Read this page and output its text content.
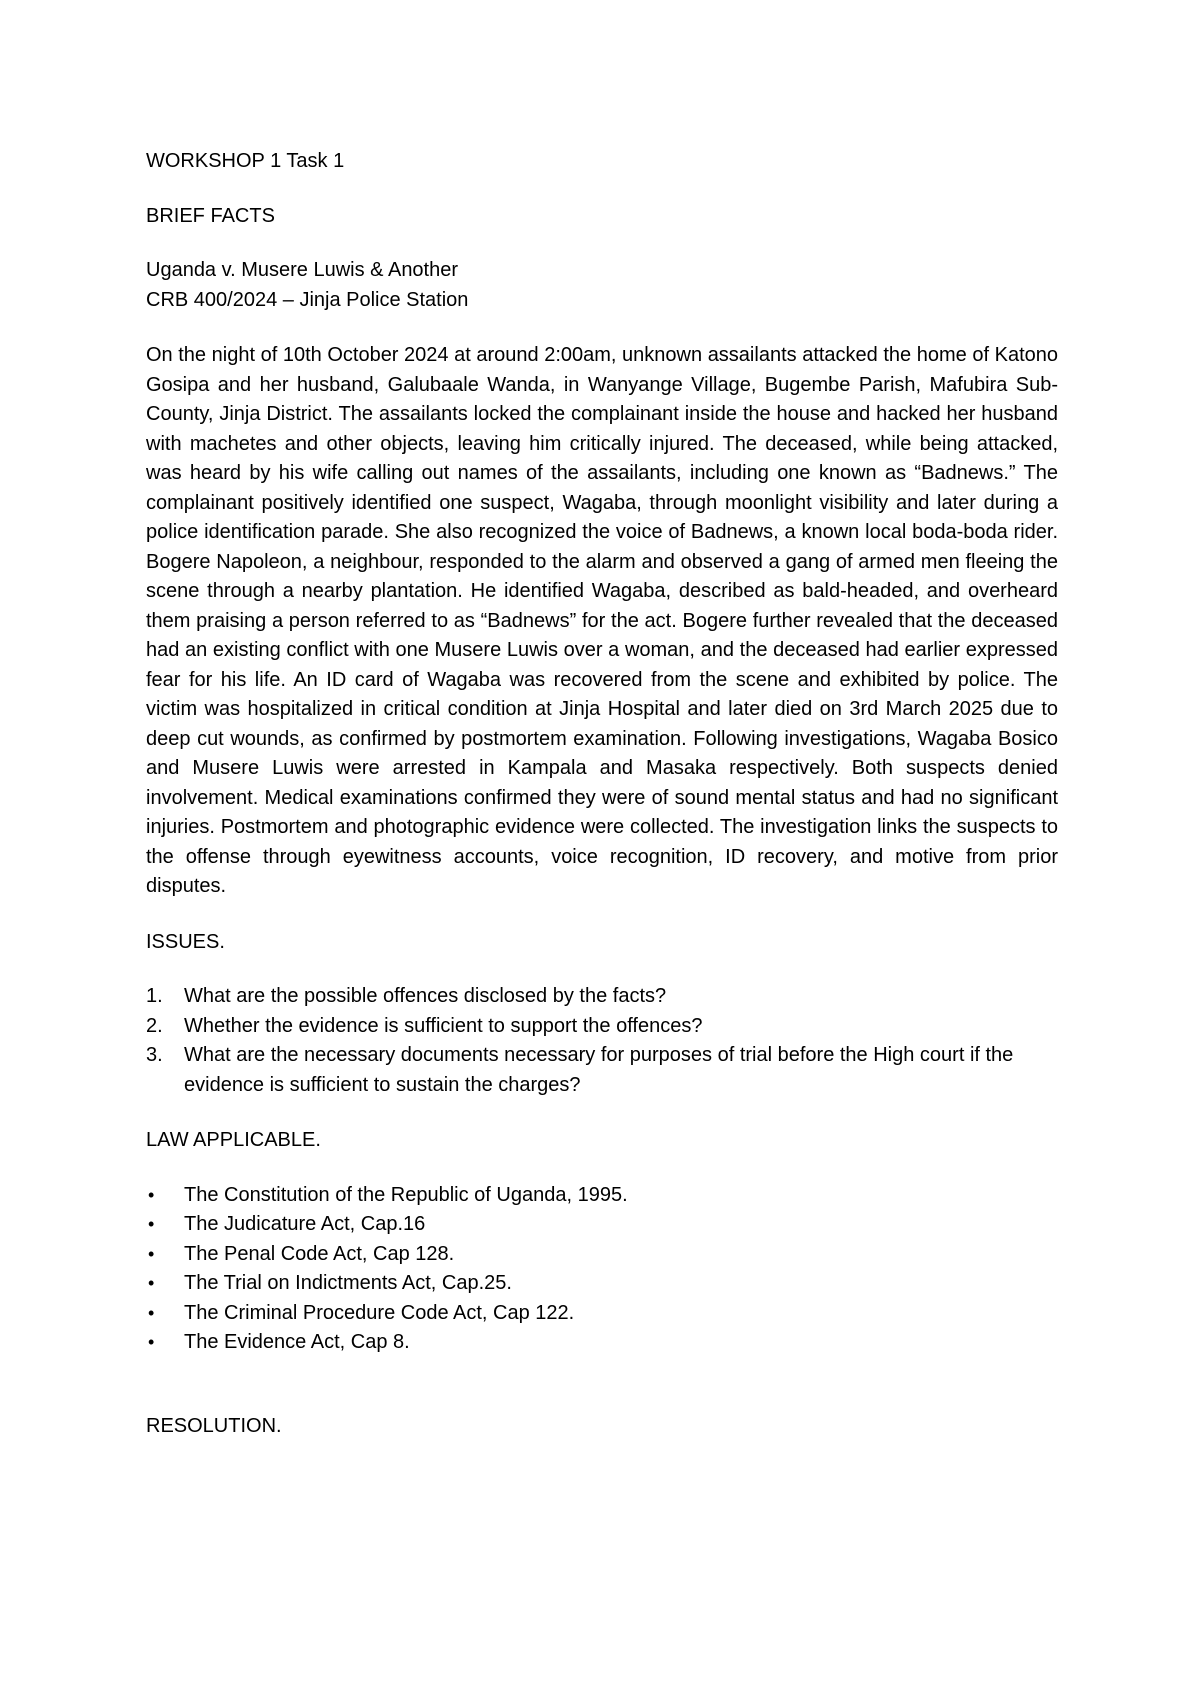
WORKSHOP 1 Task 1

BRIEF FACTS

Uganda v. Musere Luwis & Another

CRB 400/2024 – Jinja Police Station

On the night of 10th October 2024 at around 2:00am, unknown assailants attacked the home of Katono Gosipa and her husband, Galubaale Wanda, in Wanyange Village, Bugembe Parish, Mafubira Sub- County, Jinja District. The assailants locked the complainant inside the house and hacked her husband with machetes and other objects, leaving him critically injured. The deceased, while being attacked, was heard by his wife calling out names of the assailants, including one known as “Badnews.” The complainant positively identified one suspect, Wagaba, through moonlight visibility and later during a police identification parade. She also recognized the voice of Badnews, a known local boda-boda rider. Bogere Napoleon, a neighbour, responded to the alarm and observed a gang of armed men fleeing the scene through a nearby plantation. He identified Wagaba, described as bald-headed, and overheard them praising a person referred to as “Badnews” for the act. Bogere further revealed that the deceased had an existing conflict with one Musere Luwis over a woman, and the deceased had earlier expressed fear for his life. An ID card of Wagaba was recovered from the scene and exhibited by police. The victim was hospitalized in critical condition at Jinja Hospital and later died on 3rd March 2025 due to deep cut wounds, as confirmed by postmortem examination. Following investigations, Wagaba Bosico and Musere Luwis were arrested in Kampala and Masaka respectively. Both suspects denied involvement. Medical examinations confirmed they were of sound mental status and had no significant injuries. Postmortem and photographic evidence were collected. The investigation links the suspects to the offense through eyewitness accounts, voice recognition, ID recovery, and motive from prior disputes.

ISSUES.

1. What are the possible offences disclosed by the facts?
2. Whether the evidence is sufficient to support the offences?
3. What are the necessary documents necessary for purposes of trial before the High court if the evidence is sufficient to sustain the charges?

LAW APPLICABLE.

• The Constitution of the Republic of Uganda, 1995.
• The Judicature Act, Cap.16
• The Penal Code Act, Cap 128.
• The Trial on Indictments Act, Cap.25.
• The Criminal Procedure Code Act, Cap 122.
• The Evidence Act, Cap 8.

RESOLUTION.
